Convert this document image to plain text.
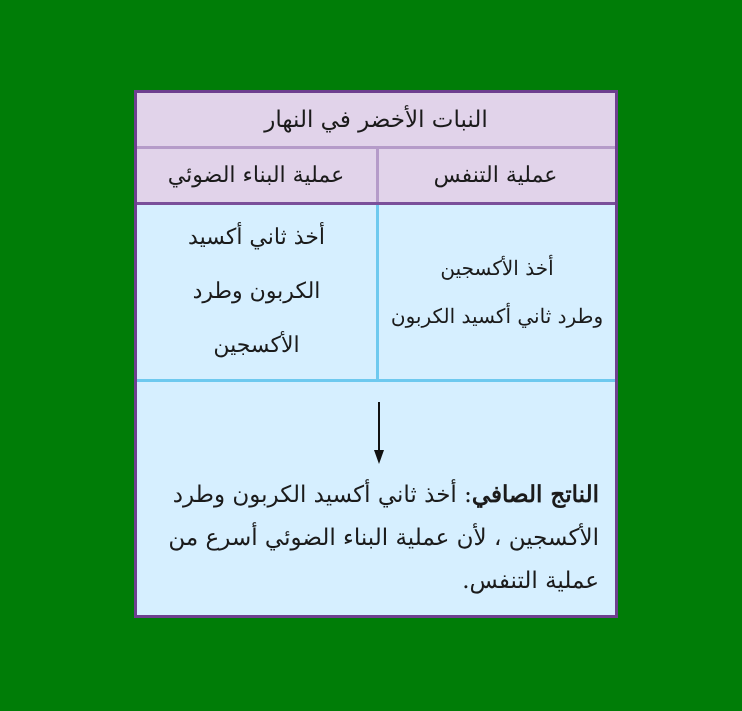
النبات الأخضر في النهار
عملية التنفس
عملية البناء الضوئي
أخذ الأكسجين
وطرد ثاني أكسيد الكربون
أخذ ثاني أكسيد
الكربون وطرد
الأكسجين
الناتج الصافي: أخذ ثاني أكسيد الكربون وطرد الأكسجين ، لأن عملية البناء الضوئي أسرع من عملية التنفس.
